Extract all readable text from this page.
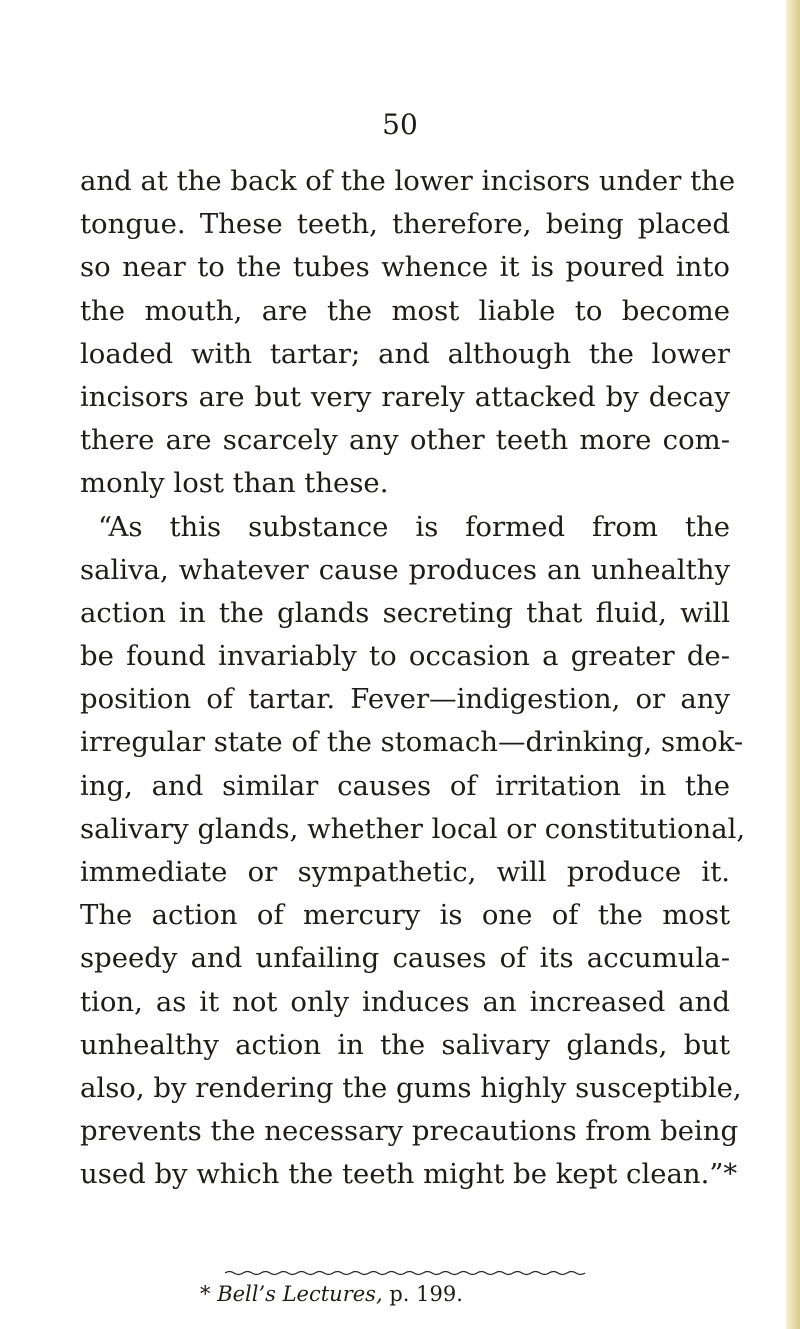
50
and at the back of the lower incisors under the
tongue. These teeth, therefore, being placed
so near to the tubes whence it is poured into
the mouth, are the most liable to become
loaded with tartar; and although the lower
incisors are but very rarely attacked by decay
there are scarcely any other teeth more com-
monly lost than these.
“As this substance is formed from the
saliva, whatever cause produces an unhealthy
action in the glands secreting that fluid, will
be found invariably to occasion a greater de-
position of tartar. Fever—indigestion, or any
irregular state of the stomach—drinking, smok-
ing, and similar causes of irritation in the
salivary glands, whether local or constitutional,
immediate or sympathetic, will produce it.
The action of mercury is one of the most
speedy and unfailing causes of its accumula-
tion, as it not only induces an increased and
unhealthy action in the salivary glands, but
also, by rendering the gums highly susceptible,
prevents the necessary precautions from being
used by which the teeth might be kept clean.”*
* Bell’s Lectures, p. 199.
